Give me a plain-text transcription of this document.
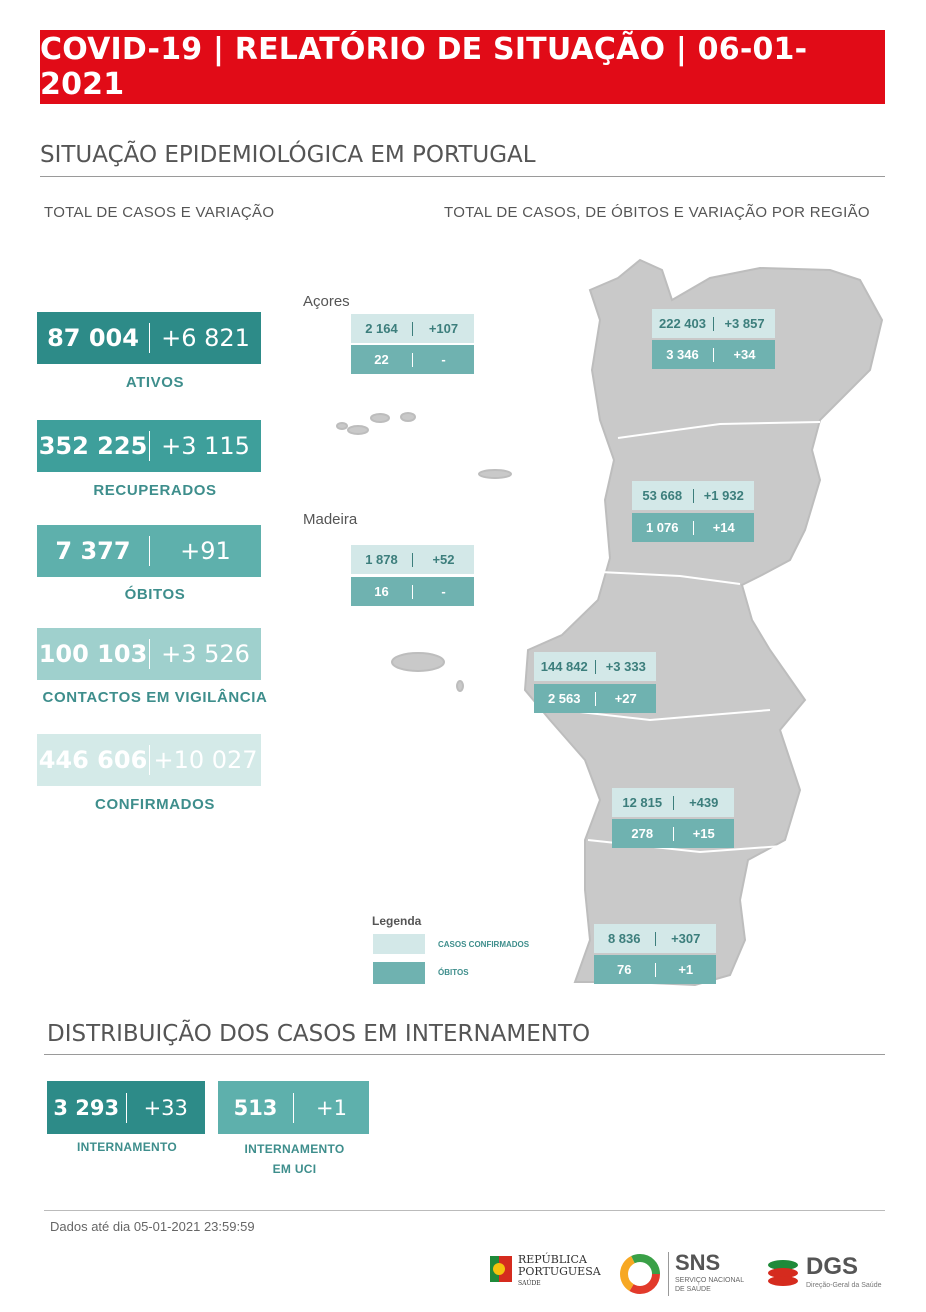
COVID-19 | RELATÓRIO DE SITUAÇÃO | 06-01-2021
SITUAÇÃO EPIDEMIOLÓGICA EM PORTUGAL
TOTAL DE CASOS E VARIAÇÃO	TOTAL DE CASOS, DE ÓBITOS E VARIAÇÃO POR REGIÃO
87 004 +6 821
ATIVOS
352 225 +3 115
RECUPERADOS
7 377	+91
ÓBITOS
100 103 +3 526
CONTACTOS EM VIGILÂNCIA
446 606 +10 027
CONFIRMADOS
Açores
Madeira
2 164	+107
22	-
1 878	+52
16	-
222 403	+3 857
3 346	+34
53 668	+1 932
1 076	+14
144 842	+3 333
2 563	+27
12 815	+439
278	+15
8 836	+307
76	+1
Legenda
CASOS CONFIRMADOS
ÓBITOS
DISTRIBUIÇÃO DOS CASOS EM INTERNAMENTO
3 293	+33
INTERNAMENTO
513	+1
INTERNAMENTO
EM UCI
Dados até dia 05-01-2021 23:59:59
REPÚBLICA
PORTUGUESA
SAÚDE
SNS
SERVIÇO NACIONAL
DE SAÚDE
DGS
Direção-Geral da Saúde
